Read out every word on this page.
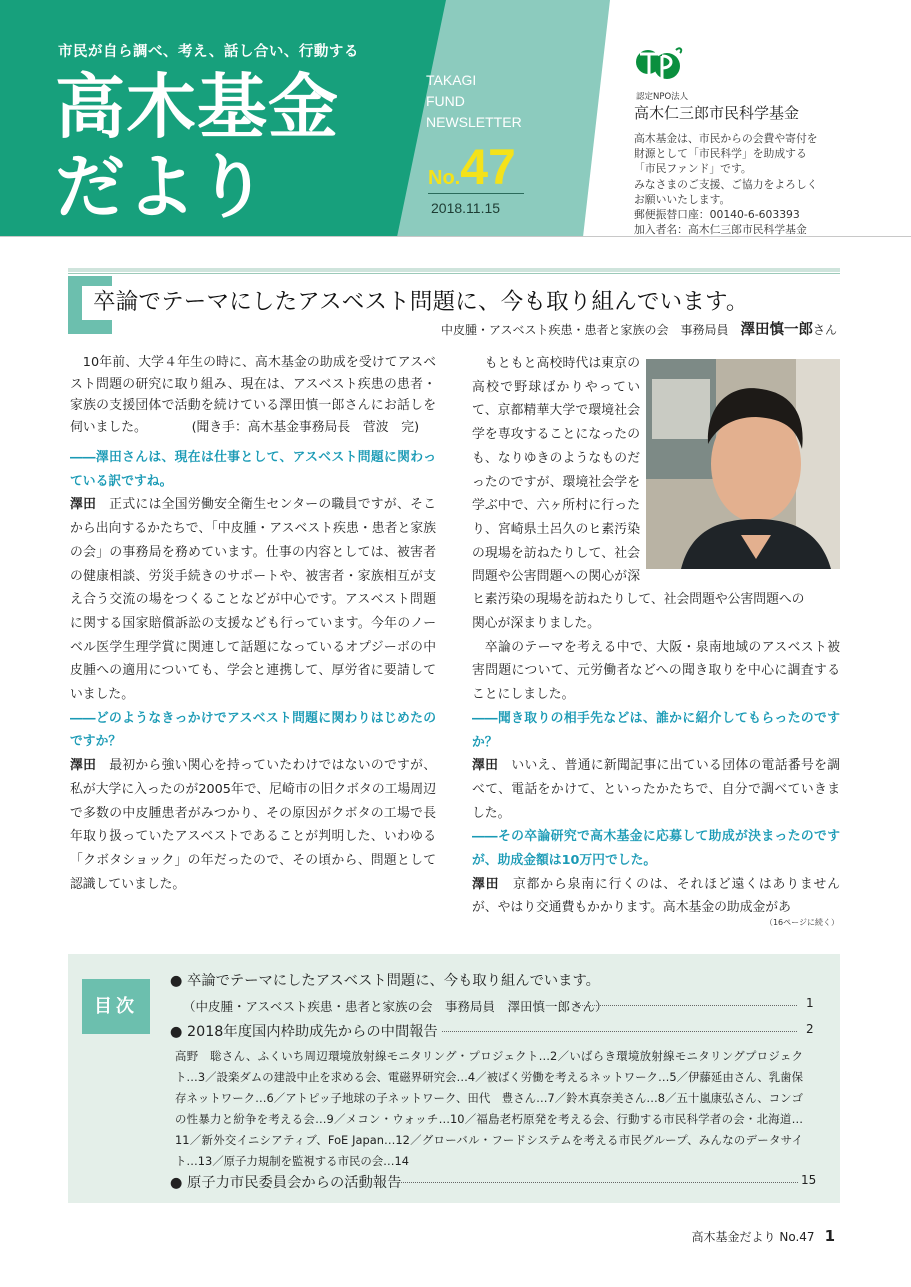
市民が自ら調べ、考え、話し合い、行動する
高木基金
だより
TAKAGI
FUND
NEWSLETTER
No.47
2018.11.15
認定NPO法人
高木仁三郎市民科学基金
高木基金は、市民からの会費や寄付を
財源として「市民科学」を助成する
「市民ファンド」です。
みなさまのご支援、ご協力をよろしく
お願いいたします。
郵便振替口座：00140-6-603393
加入者名：高木仁三郎市民科学基金
卒論でテーマにしたアスベスト問題に、今も取り組んでいます。
中皮腫・アスベスト疾患・患者と家族の会　事務局員　 澤田慎一郎さん

10年前、大学４年生の時に、高木基金の助成を受けてアスベスト問題の研究に取り組み、現在は、アスベスト疾患の患者・家族の支援団体で活動を続けている澤田慎一郎さんにお話しを伺いました。　　　　(聞き手：高木基金事務局長　菅波　完)

――澤田さんは、現在は仕事として、アスベスト問題に関わっている訳ですね。

澤田　正式には全国労働安全衛生センターの職員ですが、そこから出向するかたちで、「中皮腫・アスベスト疾患・患者と家族の会」の事務局を務めています。仕事の内容としては、被害者の健康相談、労災手続きのサポートや、被害者・家族相互が支え合う交流の場をつくることなどが中心です。アスベスト問題に関する国家賠償訴訟の支援なども行っています。今年のノーベル医学生理学賞に関連して話題になっているオプジーボの中皮腫への適用についても、学会と連携して、厚労省に要請していました。

――どのようなきっかけでアスベスト問題に関わりはじめたのですか？

澤田　最初から強い関心を持っていたわけではないのですが、私が大学に入ったのが2005年で、尼崎市の旧クボタの工場周辺で多数の中皮腫患者がみつかり、その原因がクボタの工場で長年取り扱っていたアスベストであることが判明した、いわゆる「クボタショック」の年だったので、その頃から、問題として認識していました。

もともと高校時代は東京の高校で野球ばかりやっていて、京都精華大学で環境社会学を専攻することになったのも、なりゆきのようなものだったのですが、環境社会学を学ぶ中で、六ヶ所村に行ったり、宮崎県土呂久のヒ素汚染の現場を訪ねたりして、社会問題や公害問題への関心が深

ヒ素汚染の現場を訪ねたりして、社会問題や公害問題への

関心が深まりました。

卒論のテーマを考える中で、大阪・泉南地域のアスベスト被害問題について、元労働者などへの聞き取りを中心に調査することにしました。

――聞き取りの相手先などは、誰かに紹介してもらったのですか？

澤田　いいえ、普通に新聞記事に出ている団体の電話番号を調べて、電話をかけて、といったかたちで、自分で調べていきました。

――その卒論研究で高木基金に応募して助成が決まったのですが、助成金額は10万円でした。

澤田　京都から泉南に行くのは、それほど遠くはありませんが、やはり交通費もかかります。高木基金の助成金があ

（16ページに続く）
目次
● 卒論でテーマにしたアスベスト問題に、今も取り組んでいます。
（中皮腫・アスベスト疾患・患者と家族の会　事務局員　澤田慎一郎さん）	1
● 2018年度国内枠助成先からの中間報告	2
高野　聡さん、ふくいち周辺環境放射線モニタリング・プロジェクト…2／いばらき環境放射線モニタリングプロジェクト…3／設楽ダムの建設中止を求める会、電磁界研究会…4／被ばく労働を考えるネットワーク…5／伊藤延由さん、乳歯保存ネットワーク…6／アトピッ子地球の子ネットワーク、田代　豊さん…7／鈴木真奈美さん…8／五十嵐康弘さん、コンゴの性暴力と紛争を考える会…9／メコン・ウォッチ…10／福島老朽原発を考える会、行動する市民科学者の会・北海道…11／新外交イニシアティブ、FoE Japan…12／グローバル・フードシステムを考える市民グループ、みんなのデータサイト…13／原子力規制を監視する市民の会…14
● 原子力市民委員会からの活動報告	15
高木基金だより No.47 1
